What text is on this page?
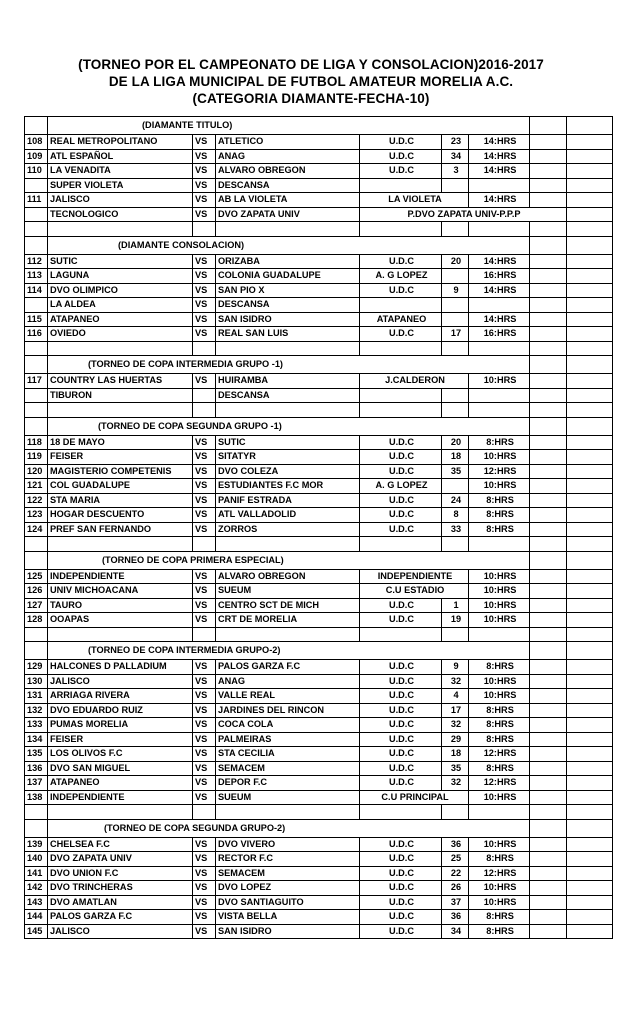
(TORNEO POR EL CAMPEONATO DE LIGA Y CONSOLACION)2016-2017
DE LA LIGA MUNICIPAL DE FUTBOL AMATEUR MORELIA A.C.
(CATEGORIA DIAMANTE-FECHA-10)
	(DIAMANTE TITULO)							
108	REAL METROPOLITANO	VS	ATLETICO	U.D.C	23	14:HRS		
109	ATL ESPAÑOL	VS	ANAG	U.D.C	34	14:HRS		
110	LA VENADITA	VS	ALVARO OBREGON	U.D.C	3	14:HRS		
	SUPER VIOLETA	VS	DESCANSA					
111	JALISCO	VS	AB LA VIOLETA	LA VIOLETA		14:HRS		
	TECNOLOGICO	VS	DVO ZAPATA UNIV	P.DVO ZAPATA UNIV-P.P.P				

	(DIAMANTE CONSOLACION)							
112	SUTIC	VS	ORIZABA	U.D.C	20	14:HRS		
113	LAGUNA	VS	COLONIA GUADALUPE	A. G LOPEZ		16:HRS		
114	DVO OLIMPICO	VS	SAN PIO X	U.D.C	9	14:HRS		
	LA ALDEA	VS	DESCANSA					
115	ATAPANEO	VS	SAN ISIDRO	ATAPANEO		14:HRS		
116	OVIEDO	VS	REAL SAN LUIS	U.D.C	17	16:HRS		

	(TORNEO DE COPA INTERMEDIA GRUPO -1)							
117	COUNTRY LAS HUERTAS	VS	HUIRAMBA	J.CALDERON		10:HRS		
	TIBURON		DESCANSA					

	(TORNEO DE COPA SEGUNDA GRUPO -1)							
118	18 DE MAYO	VS	SUTIC	U.D.C	20	8:HRS		
119	FEISER	VS	SITATYR	U.D.C	18	10:HRS		
120	MAGISTERIO COMPETENIS	VS	DVO COLEZA	U.D.C	35	12:HRS		
121	COL GUADALUPE	VS	ESTUDIANTES F.C MOR	A. G LOPEZ		10:HRS		
122	STA MARIA	VS	PANIF ESTRADA	U.D.C	24	8:HRS		
123	HOGAR DESCUENTO	VS	ATL VALLADOLID	U.D.C	8	8:HRS		
124	PREF SAN FERNANDO	VS	ZORROS	U.D.C	33	8:HRS		

	(TORNEO DE COPA PRIMERA ESPECIAL)							
125	INDEPENDIENTE	VS	ALVARO OBREGON	INDEPENDIENTE		10:HRS		
126	UNIV MICHOACANA	VS	SUEUM	C.U ESTADIO		10:HRS		
127	TAURO	VS	CENTRO SCT DE MICH	U.D.C	1	10:HRS		
128	OOAPAS	VS	CRT DE MORELIA	U.D.C	19	10:HRS		

	(TORNEO DE COPA INTERMEDIA GRUPO-2)							
129	HALCONES D PALLADIUM	VS	PALOS GARZA F.C	U.D.C	9	8:HRS		
130	JALISCO	VS	ANAG	U.D.C	32	10:HRS		
131	ARRIAGA RIVERA	VS	VALLE REAL	U.D.C	4	10:HRS		
132	DVO EDUARDO RUIZ	VS	JARDINES DEL RINCON	U.D.C	17	8:HRS		
133	PUMAS MORELIA	VS	COCA COLA	U.D.C	32	8:HRS		
134	FEISER	VS	PALMEIRAS	U.D.C	29	8:HRS		
135	LOS OLIVOS F.C	VS	STA CECILIA	U.D.C	18	12:HRS		
136	DVO SAN MIGUEL	VS	SEMACEM	U.D.C	35	8:HRS		
137	ATAPANEO	VS	DEPOR F.C	U.D.C	32	12:HRS		
138	INDEPENDIENTE	VS	SUEUM	C.U PRINCIPAL		10:HRS		

	(TORNEO DE COPA SEGUNDA GRUPO-2)							
139	CHELSEA F.C	VS	DVO VIVERO	U.D.C	36	10:HRS		
140	DVO ZAPATA UNIV	VS	RECTOR F.C	U.D.C	25	8:HRS		
141	DVO UNION F.C	VS	SEMACEM	U.D.C	22	12:HRS		
142	DVO TRINCHERAS	VS	DVO LOPEZ	U.D.C	26	10:HRS		
143	DVO AMATLAN	VS	DVO SANTIAGUITO	U.D.C	37	10:HRS		
144	PALOS GARZA F.C	VS	VISTA BELLA	U.D.C	36	8:HRS		
145	JALISCO	VS	SAN ISIDRO	U.D.C	34	8:HRS		
